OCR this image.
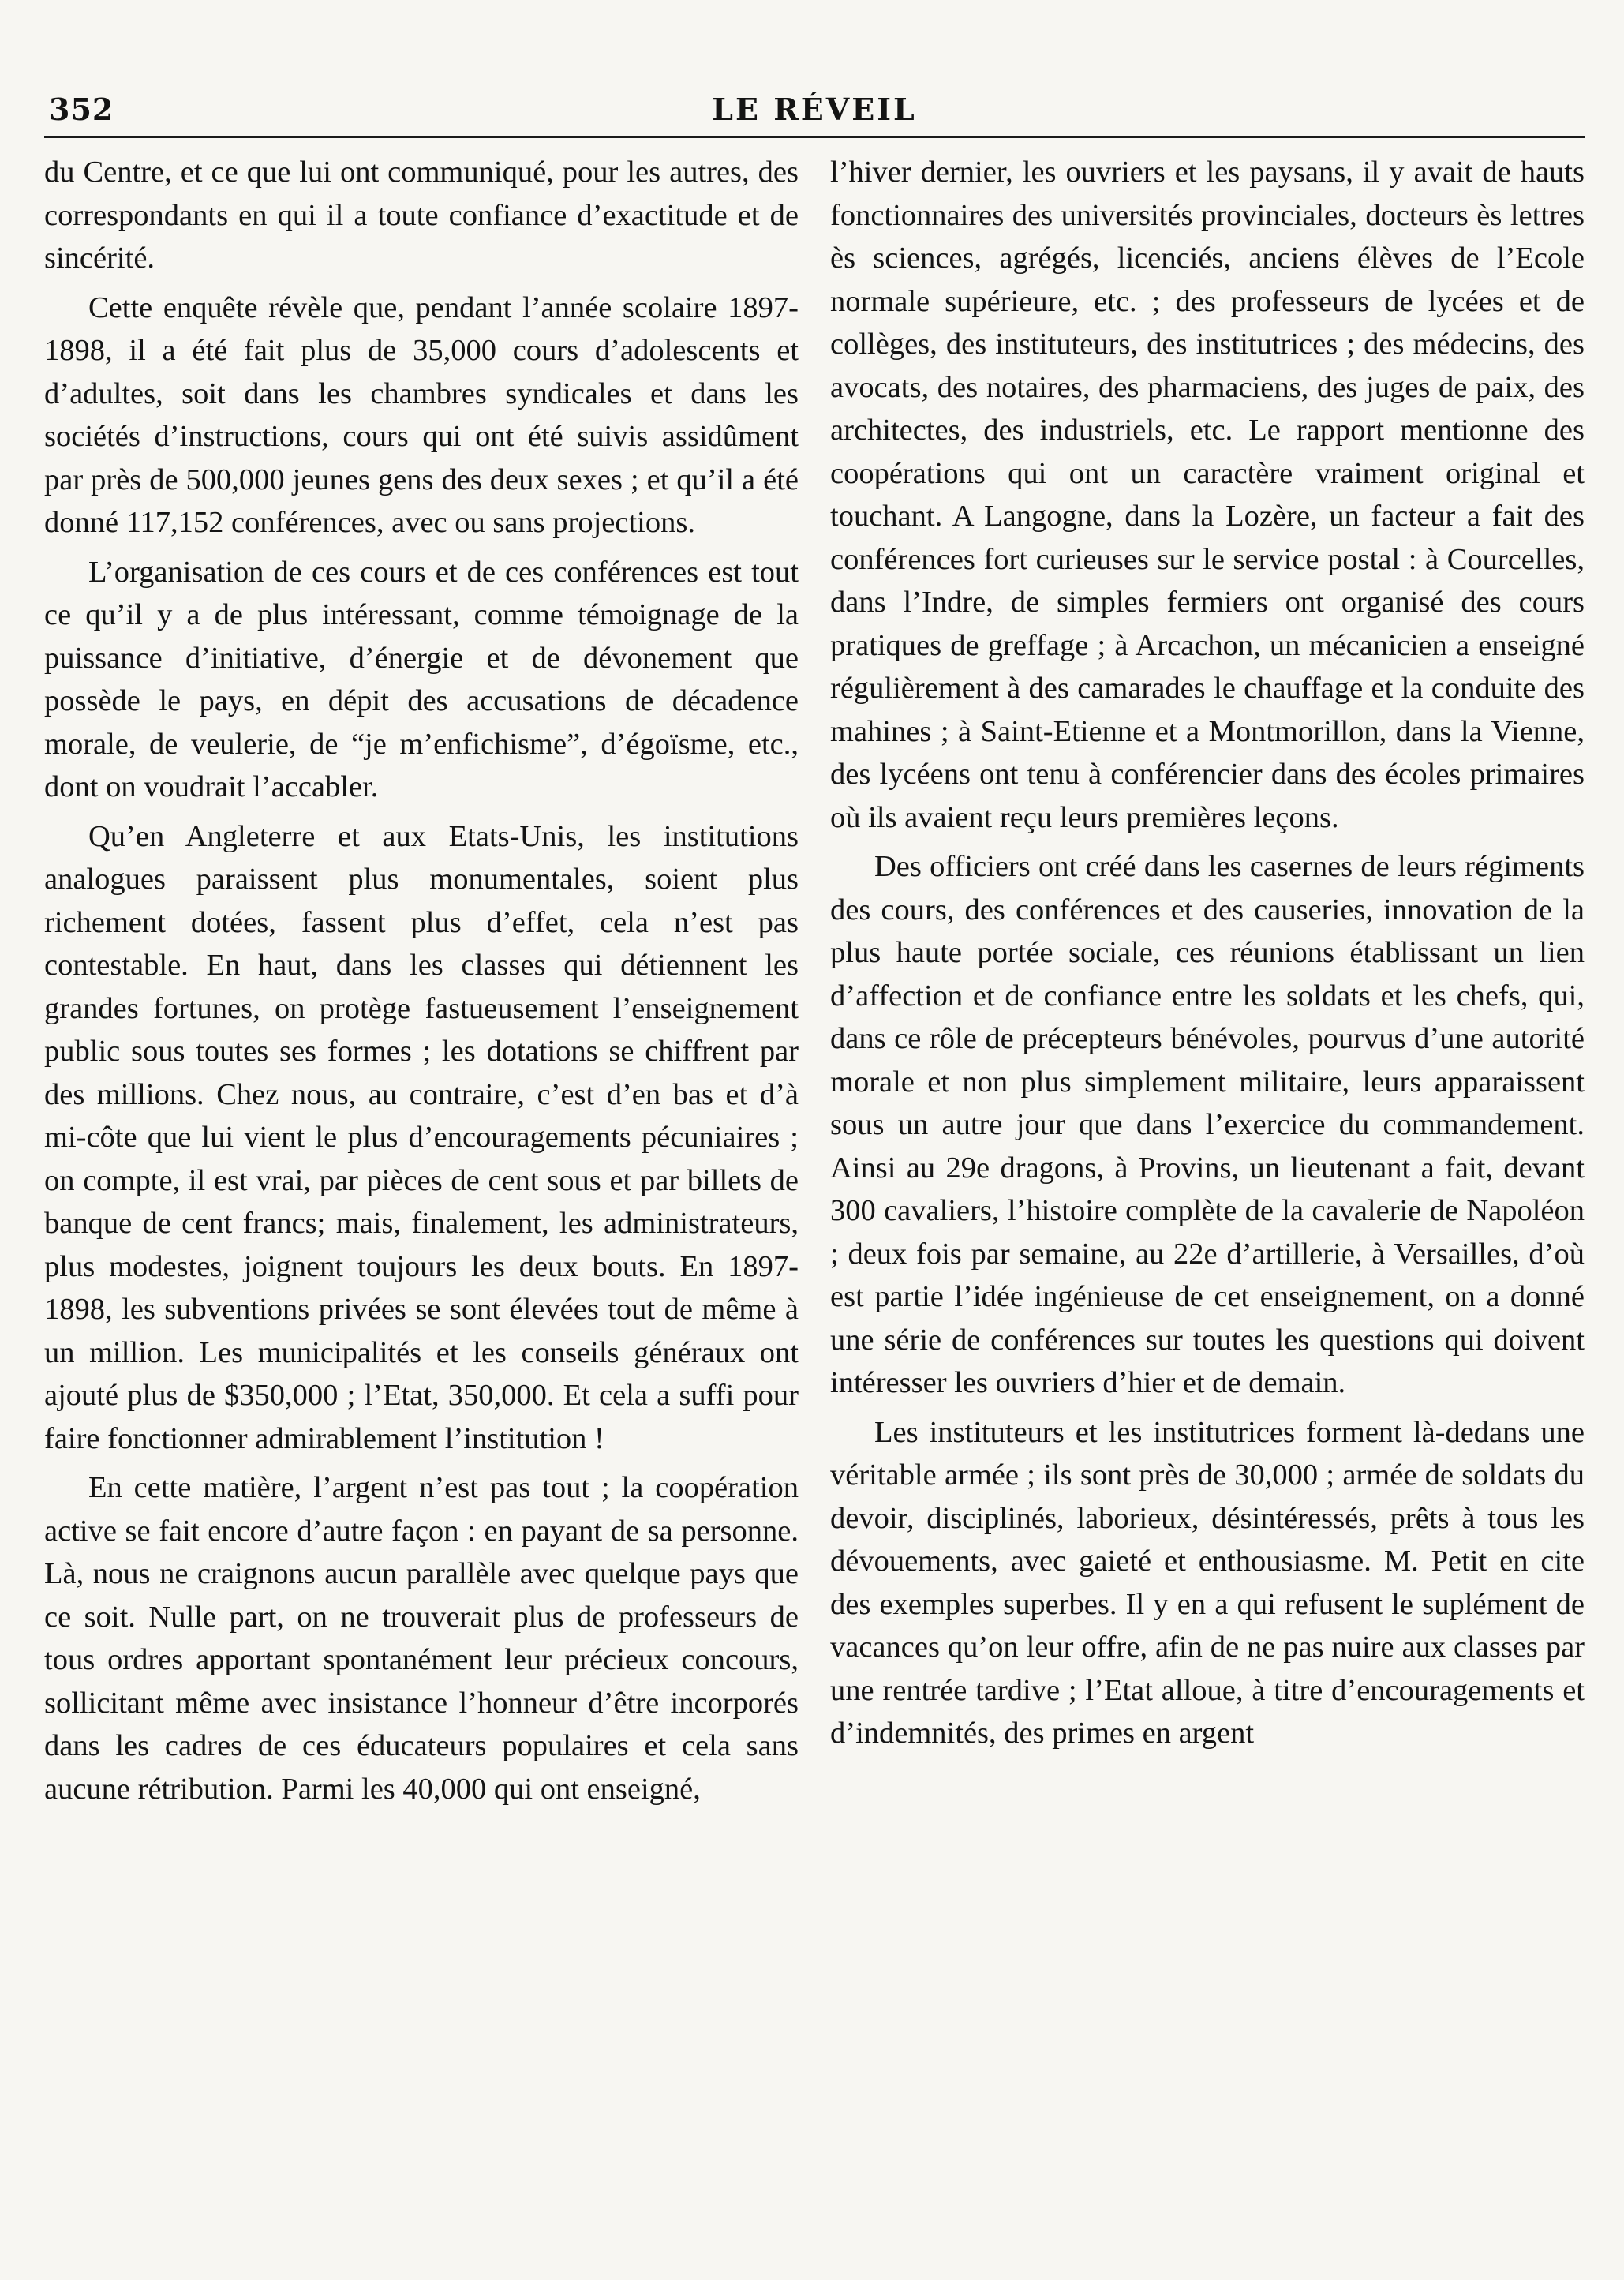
352	LE RÉVEIL

du Centre, et ce que lui ont communiqué, pour les autres, des correspondants en qui il a toute confiance d’exactitude et de sincérité.

Cette enquête révèle que, pendant l’année scolaire 1897-1898, il a été fait plus de 35,000 cours d’adolescents et d’adultes, soit dans les chambres syndicales et dans les sociétés d’instructions, cours qui ont été suivis assidûment par près de 500,000 jeunes gens des deux sexes ; et qu’il a été donné 117,152 conférences, avec ou sans projections.

L’organisation de ces cours et de ces conférences est tout ce qu’il y a de plus intéressant, comme témoignage de la puissance d’initiative, d’énergie et de dévonement que possède le pays, en dépit des accusations de décadence morale, de veulerie, de “je m’enfichisme”, d’égoïsme, etc., dont on voudrait l’accabler.

Qu’en Angleterre et aux Etats-Unis, les institutions analogues paraissent plus monumentales, soient plus richement dotées, fassent plus d’effet, cela n’est pas contestable. En haut, dans les classes qui détiennent les grandes fortunes, on protège fastueusement l’enseignement public sous toutes ses formes ; les dotations se chiffrent par des millions. Chez nous, au contraire, c’est d’en bas et d’à mi-côte que lui vient le plus d’encouragements pécuniaires ; on compte, il est vrai, par pièces de cent sous et par billets de banque de cent francs; mais, finalement, les administrateurs, plus modestes, joignent toujours les deux bouts. En 1897-1898, les subventions privées se sont élevées tout de même à un million. Les municipalités et les conseils généraux ont ajouté plus de $350,000 ; l’Etat, 350,000. Et cela a suffi pour faire fonctionner admirablement l’institution !

En cette matière, l’argent n’est pas tout ; la coopération active se fait encore d’autre façon : en payant de sa personne. Là, nous ne craignons aucun parallèle avec quelque pays que ce soit. Nulle part, on ne trouverait plus de professeurs de tous ordres apportant spontanément leur précieux concours, sollicitant même avec insistance l’honneur d’être incorporés dans les cadres de ces éducateurs populaires et cela sans aucune rétribution. Parmi les 40,000 qui ont enseigné,

l’hiver dernier, les ouvriers et les paysans, il y avait de hauts fonctionnaires des universités provinciales, docteurs ès lettres ès sciences, agrégés, licenciés, anciens élèves de l’Ecole normale supérieure, etc. ; des professeurs de lycées et de collèges, des instituteurs, des institutrices ; des médecins, des avocats, des notaires, des pharmaciens, des juges de paix, des architectes, des industriels, etc. Le rapport mentionne des coopérations qui ont un caractère vraiment original et touchant. A Langogne, dans la Lozère, un facteur a fait des conférences fort curieuses sur le service postal : à Courcelles, dans l’Indre, de simples fermiers ont organisé des cours pratiques de greffage ; à Arcachon, un mécanicien a enseigné régulièrement à des camarades le chauffage et la conduite des mahines ; à Saint-Etienne et a Montmorillon, dans la Vienne, des lycéens ont tenu à conférencier dans des écoles primaires où ils avaient reçu leurs premières leçons.

Des officiers ont créé dans les casernes de leurs régiments des cours, des conférences et des causeries, innovation de la plus haute portée sociale, ces réunions établissant un lien d’affection et de confiance entre les soldats et les chefs, qui, dans ce rôle de précepteurs bénévoles, pourvus d’une autorité morale et non plus simplement militaire, leurs apparaissent sous un autre jour que dans l’exercice du commandement. Ainsi au 29e dragons, à Provins, un lieutenant a fait, devant 300 cavaliers, l’histoire complète de la cavalerie de Napoléon ; deux fois par semaine, au 22e d’artillerie, à Versailles, d’où est partie l’idée ingénieuse de cet enseignement, on a donné une série de conférences sur toutes les questions qui doivent intéresser les ouvriers d’hier et de demain.

Les instituteurs et les institutrices forment là-dedans une véritable armée ; ils sont près de 30,000 ; armée de soldats du devoir, disciplinés, laborieux, désintéressés, prêts à tous les dévouements, avec gaieté et enthousiasme. M. Petit en cite des exemples superbes. Il y en a qui refusent le suplément de vacances qu’on leur offre, afin de ne pas nuire aux classes par une rentrée tardive ; l’Etat alloue, à titre d’encouragements et d’indemnités, des primes en argent
